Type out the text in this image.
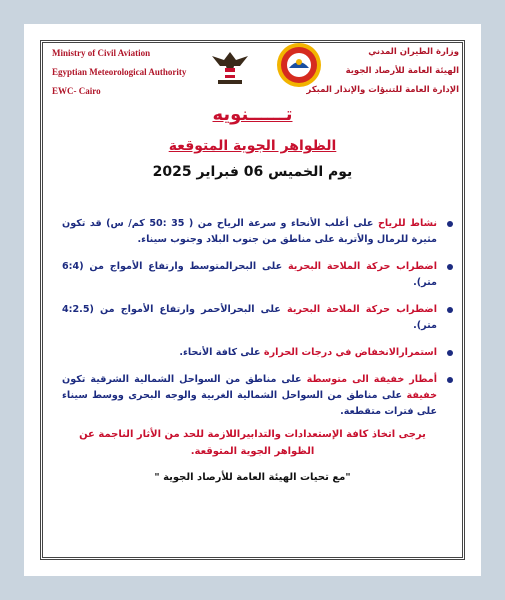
Ministry of Civil Aviation
Egyptian Meteorological Authority
EWC- Cairo
وزارة الطيران المدني
الهيئة العامة للأرصاد الجوية
الإدارة العامة للتنبؤات والإنذار المبكر
تــــــنويه
الظواهر الجوية المتوقعة
يوم الخميس 06 فبراير 2025
نشاط للرياح على أغلب الأنحاء و سرعة الرياح من ( 35 :50 كم/ س) قد تكون مثيرة للرمال والأتربة على مناطق من جنوب البلاد وجنوب سيناء.
اضطراب حركة الملاحة البحرية على البحرالمتوسط وارتفاع الأمواج من (6:4 متر).
اضطراب حركة الملاحة البحرية على البحرالأحمر وارتفاع الأمواج من (4:2.5 متر).
استمرارالانخفاض في درجات الحرارة على كافة الأنحاء.
أمطار خفيفة الى متوسطة على مناطق من السواحل الشمالية الشرقية تكون خفيفة على مناطق من السواحل الشمالية الغربية والوجه البحرى ووسط سيناء على فترات متقطعة.
يرجى اتخاذ كافة الإستعدادات والتدابيراللازمة للحد من الأثار الناجمة عن الظواهر الجوية المتوقعة.
"مع تحيات الهيئة العامة للأرصاد الجوية "
